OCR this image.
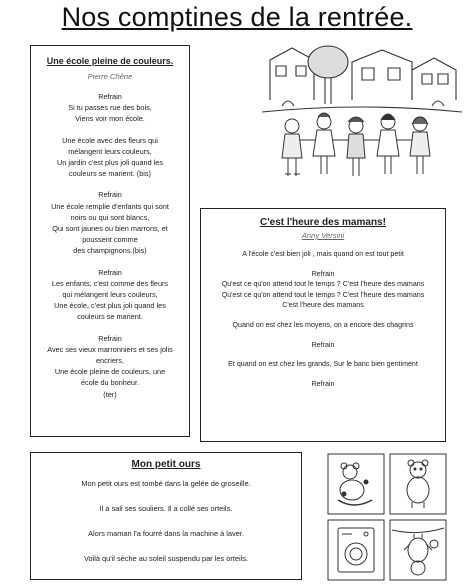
Nos comptines de la rentrée.
Une école pleine de couleurs.
Pierre Chêne
Refrain
Si tu passes rue des bois,
Viens voir mon école.
Une école avec des fleurs qui
mélangent leurs couleurs,
Un jardin c'est plus joli quand les
couleurs se marient. (bis)
Refrain
Une école remplie d'enfants qui sont
noirs ou qui sont blancs,
Qui sont jaunes ou bien marrons, et
poussent comme
des champignons.(bis)
Refrain
Les enfants, c'est comme des fleurs
qui mélangent leurs couleurs,
Une école, c'est plus joli quand les
couleurs se marient.
Refrain
Avec ses vieux marronniers et ses jolis
encriers,
Une école pleine de couleurs, une
école du bonheur.
(ter)
C'est l'heure des mamans!
Anny Versini
A l'école c'est bien joli , mais quand on est tout petit
Refrain
Qu'est ce qu'on attend tout le temps ? C'est l'heure des mamans
Qu'est ce qu'on attend tout le temps ? C'est l'heure des mamans
C'est l'heure des mamans
Quand on est chez les moyens, on a encore des chagrins
Refrain
Et quand on est chez les grands, Sur le banc bien gentiment
Refrain
Mon petit ours
Mon petit ours est tombé dans la gelée de groseille.
Il a sali ses souliers. Il a collé ses orteils.
Alors maman l'a fourré dans la machine à laver.
Voilà qu'il sèche au soleil suspendu par les orteils.
